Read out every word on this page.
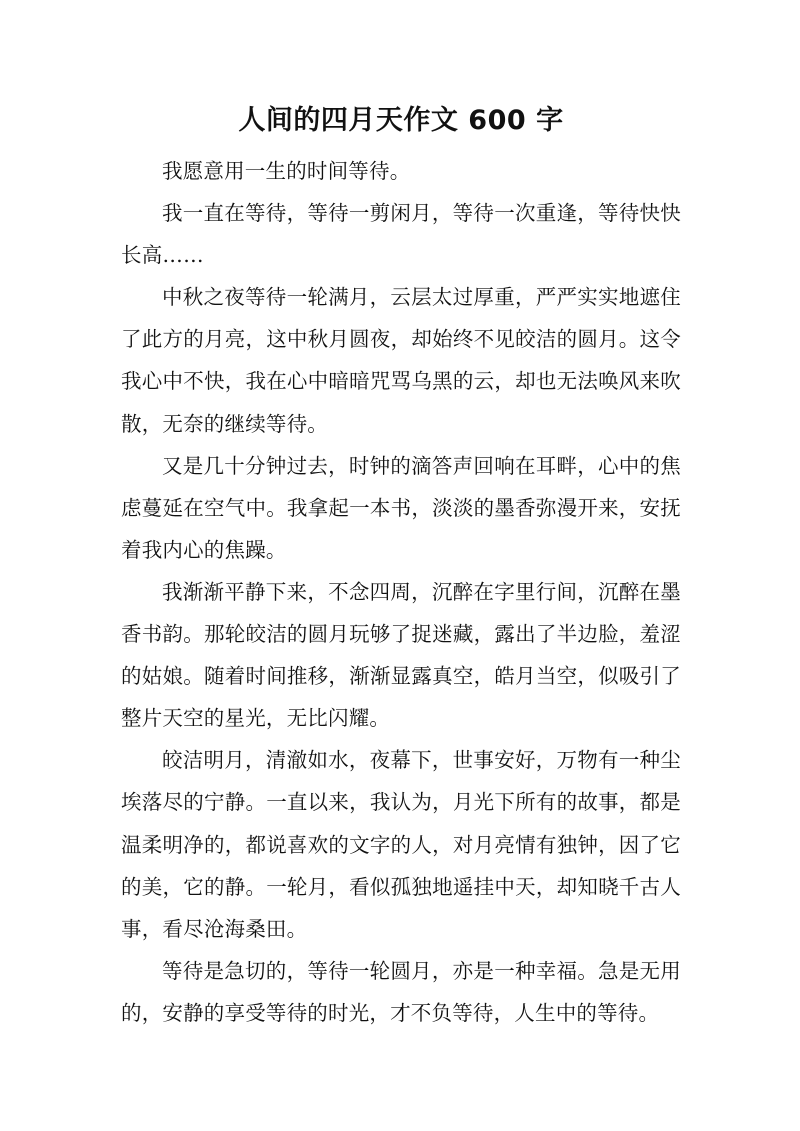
人间的四月天作文 600 字

我愿意用一生的时间等待。

我一直在等待，等待一剪闲月，等待一次重逢，等待快快长高……

中秋之夜等待一轮满月，云层太过厚重，严严实实地遮住了此方的月亮，这中秋月圆夜，却始终不见皎洁的圆月。这令我心中不快，我在心中暗暗咒骂乌黑的云，却也无法唤风来吹散，无奈的继续等待。

又是几十分钟过去，时钟的滴答声回响在耳畔，心中的焦虑蔓延在空气中。我拿起一本书，淡淡的墨香弥漫开来，安抚着我内心的焦躁。

我渐渐平静下来，不念四周，沉醉在字里行间，沉醉在墨香书韵。那轮皎洁的圆月玩够了捉迷藏，露出了半边脸，羞涩的姑娘。随着时间推移，渐渐显露真空，皓月当空，似吸引了整片天空的星光，无比闪耀。

皎洁明月，清澈如水，夜幕下，世事安好，万物有一种尘埃落尽的宁静。一直以来，我认为，月光下所有的故事，都是温柔明净的，都说喜欢的文字的人，对月亮情有独钟，因了它的美，它的静。一轮月，看似孤独地遥挂中天，却知晓千古人事，看尽沧海桑田。

等待是急切的，等待一轮圆月，亦是一种幸福。急是无用的，安静的享受等待的时光，才不负等待，人生中的等待。
